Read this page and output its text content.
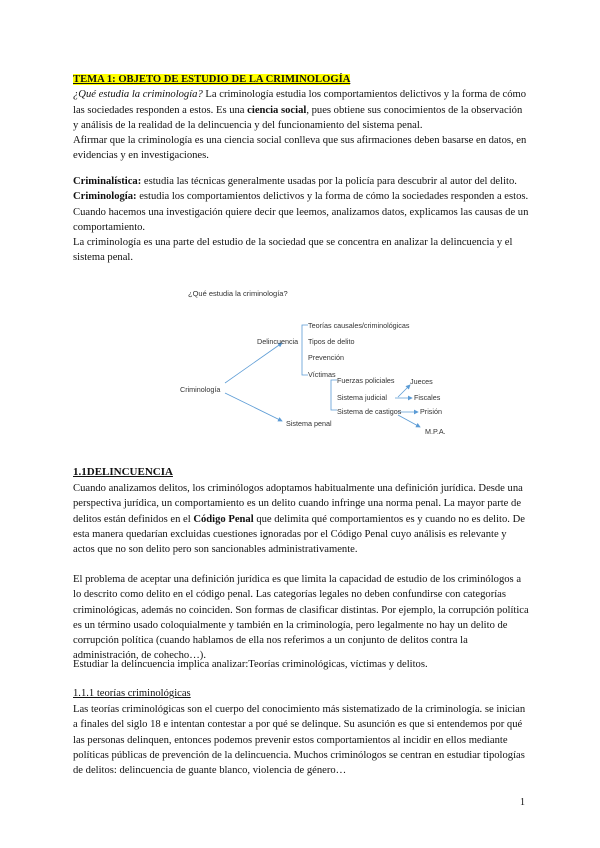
TEMA 1: OBJETO DE ESTUDIO DE LA CRIMINOLOGÍA
¿Qué estudia la criminología? La criminología estudia los comportamientos delictivos y la forma de cómo las sociedades responden a estos. Es una ciencia social, pues obtiene sus conocimientos de la observación y análisis de la realidad de la delincuencia y del funcionamiento del sistema penal.
Afirmar que la criminología es una ciencia social conlleva que sus afirmaciones deben basarse en datos, en evidencias y en investigaciones.

Criminalística: estudia las técnicas generalmente usadas por la policía para descubrir al autor del delito.
Criminología: estudia los comportamientos delictivos y la forma de cómo la sociedades responden a estos. Cuando hacemos una investigación quiere decir que leemos, analizamos datos, explicamos las causas de un comportamiento.
La criminología es una parte del estudio de la sociedad que se concentra en analizar la delincuencia y el sistema penal.

¿Qué estudia la criminología?
Criminología
Delincuencia
Teorías causales/criminológicas
Tipos de delito
Prevención
Víctimas
Sistema penal
Fuerzas policiales
Sistema judicial
Sistema de castigos
Jueces
Fiscales
Prisión
M.P.A.

1.1DELINCUENCIA

Cuando analizamos delitos, los criminólogos adoptamos habitualmente una definición jurídica. Desde una perspectiva jurídica, un comportamiento es un delito cuando infringe una norma penal. La mayor parte de delitos están definidos en el Código Penal que delimita qué comportamientos es y cuando no es delito. De esta manera quedarían excluidas cuestiones ignoradas por el Código Penal cuyo análisis es relevante y actos que no son delito pero son sancionables administrativamente.

El problema de aceptar una definición jurídica es que limita la capacidad de estudio de los criminólogos a lo descrito como delito en el código penal. Las categorías legales no deben confundirse con categorías criminológicas, además no coinciden. Son formas de clasificar distintas. Por ejemplo, la corrupción política es un término usado coloquialmente y también en la criminología, pero legalmente no hay un delito de corrupción política (cuando hablamos de ella nos referimos a un conjunto de delitos contra la administración, de cohecho…).

Estudiar la delincuencia implica analizar:Teorías criminológicas, víctimas y delitos.

1.1.1 teorías criminológicas

Las teorías criminológicas son el cuerpo del conocimiento más sistematizado de la criminología. se inician a finales del siglo 18 e intentan contestar a por qué se delinque. Su asunción es que si entendemos por qué las personas delinquen, entonces podemos prevenir estos comportamientos al incidir en ellos mediante políticas públicas de prevención de la delincuencia. Muchos criminólogos se centran en estudiar tipologías de delitos: delincuencia de guante blanco, violencia de género…

1
